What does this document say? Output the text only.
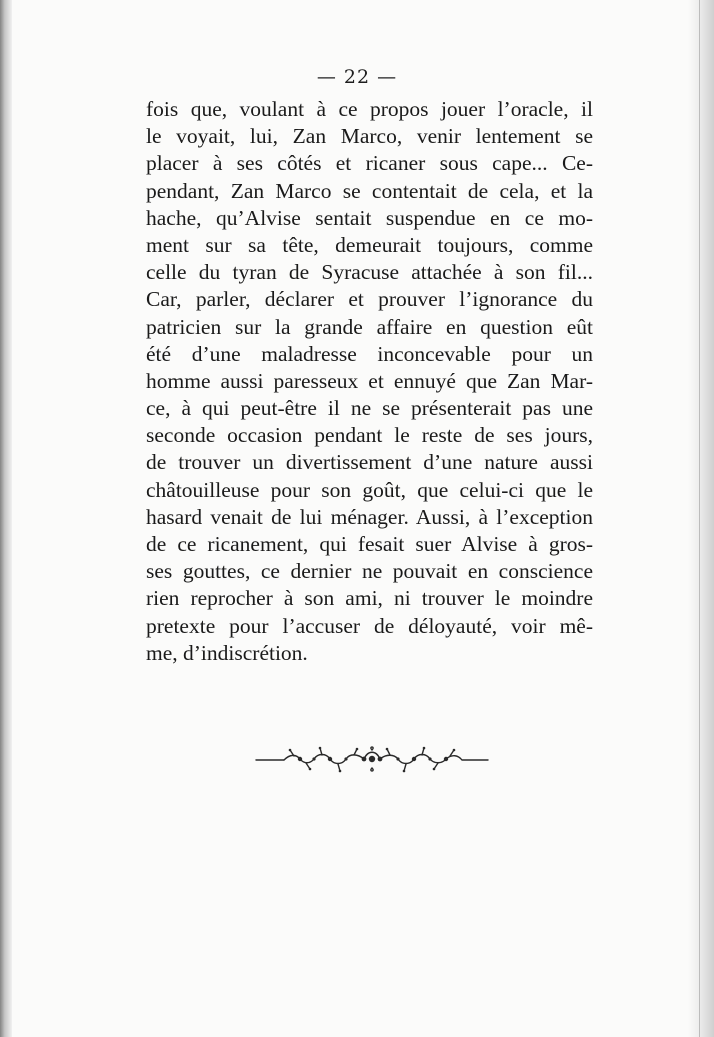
— 22 —
fois que, voulant à ce propos jouer l’oracle, il
le voyait, lui, Zan Marco, venir lentement se
placer à ses côtés et ricaner sous cape... Ce-
pendant, Zan Marco se contentait de cela, et la
hache, qu’Alvise sentait suspendue en ce mo-
ment sur sa tête, demeurait toujours, comme
celle du tyran de Syracuse attachée à son fil...
Car, parler, déclarer et prouver l’ignorance du
patricien sur la grande affaire en question eût
été d’une maladresse inconcevable pour un
homme aussi paresseux et ennuyé que Zan Mar-
ce, à qui peut-être il ne se présenterait pas une
seconde occasion pendant le reste de ses jours,
de trouver un divertissement d’une nature aussi
châtouilleuse pour son goût, que celui-ci que le
hasard venait de lui ménager. Aussi, à l’exception
de ce ricanement, qui fesait suer Alvise à gros-
ses gouttes, ce dernier ne pouvait en conscience
rien reprocher à son ami, ni trouver le moindre
pretexte pour l’accuser de déloyauté, voir mê-
me, d’indiscrétion.
